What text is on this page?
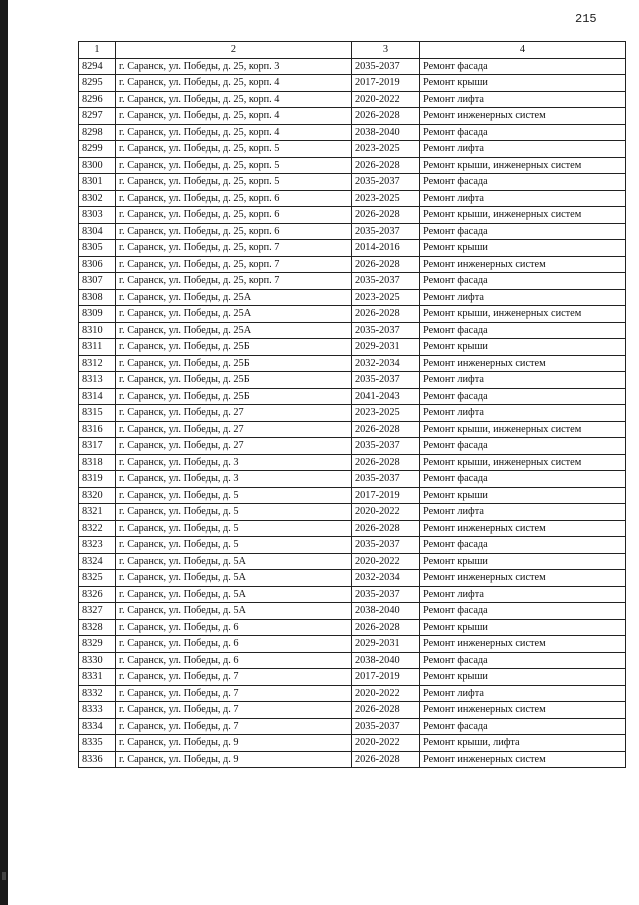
215
1	2	3	4
8294	г. Саранск, ул. Победы, д. 25, корп. 3	2035-2037	Ремонт фасада
8295	г. Саранск, ул. Победы, д. 25, корп. 4	2017-2019	Ремонт крыши
8296	г. Саранск, ул. Победы, д. 25, корп. 4	2020-2022	Ремонт лифта
8297	г. Саранск, ул. Победы, д. 25, корп. 4	2026-2028	Ремонт инженерных систем
8298	г. Саранск, ул. Победы, д. 25, корп. 4	2038-2040	Ремонт фасада
8299	г. Саранск, ул. Победы, д. 25, корп. 5	2023-2025	Ремонт лифта
8300	г. Саранск, ул. Победы, д. 25, корп. 5	2026-2028	Ремонт крыши, инженерных систем
8301	г. Саранск, ул. Победы, д. 25, корп. 5	2035-2037	Ремонт фасада
8302	г. Саранск, ул. Победы, д. 25, корп. 6	2023-2025	Ремонт лифта
8303	г. Саранск, ул. Победы, д. 25, корп. 6	2026-2028	Ремонт крыши, инженерных систем
8304	г. Саранск, ул. Победы, д. 25, корп. 6	2035-2037	Ремонт фасада
8305	г. Саранск, ул. Победы, д. 25, корп. 7	2014-2016	Ремонт крыши
8306	г. Саранск, ул. Победы, д. 25, корп. 7	2026-2028	Ремонт инженерных систем
8307	г. Саранск, ул. Победы, д. 25, корп. 7	2035-2037	Ремонт фасада
8308	г. Саранск, ул. Победы, д. 25А	2023-2025	Ремонт лифта
8309	г. Саранск, ул. Победы, д. 25А	2026-2028	Ремонт крыши, инженерных систем
8310	г. Саранск, ул. Победы, д. 25А	2035-2037	Ремонт фасада
8311	г. Саранск, ул. Победы, д. 25Б	2029-2031	Ремонт крыши
8312	г. Саранск, ул. Победы, д. 25Б	2032-2034	Ремонт инженерных систем
8313	г. Саранск, ул. Победы, д. 25Б	2035-2037	Ремонт лифта
8314	г. Саранск, ул. Победы, д. 25Б	2041-2043	Ремонт фасада
8315	г. Саранск, ул. Победы, д. 27	2023-2025	Ремонт лифта
8316	г. Саранск, ул. Победы, д. 27	2026-2028	Ремонт крыши, инженерных систем
8317	г. Саранск, ул. Победы, д. 27	2035-2037	Ремонт фасада
8318	г. Саранск, ул. Победы, д. 3	2026-2028	Ремонт крыши, инженерных систем
8319	г. Саранск, ул. Победы, д. 3	2035-2037	Ремонт фасада
8320	г. Саранск, ул. Победы, д. 5	2017-2019	Ремонт крыши
8321	г. Саранск, ул. Победы, д. 5	2020-2022	Ремонт лифта
8322	г. Саранск, ул. Победы, д. 5	2026-2028	Ремонт инженерных систем
8323	г. Саранск, ул. Победы, д. 5	2035-2037	Ремонт фасада
8324	г. Саранск, ул. Победы, д. 5А	2020-2022	Ремонт крыши
8325	г. Саранск, ул. Победы, д. 5А	2032-2034	Ремонт инженерных систем
8326	г. Саранск, ул. Победы, д. 5А	2035-2037	Ремонт лифта
8327	г. Саранск, ул. Победы, д. 5А	2038-2040	Ремонт фасада
8328	г. Саранск, ул. Победы, д. 6	2026-2028	Ремонт крыши
8329	г. Саранск, ул. Победы, д. 6	2029-2031	Ремонт инженерных систем
8330	г. Саранск, ул. Победы, д. 6	2038-2040	Ремонт фасада
8331	г. Саранск, ул. Победы, д. 7	2017-2019	Ремонт крыши
8332	г. Саранск, ул. Победы, д. 7	2020-2022	Ремонт лифта
8333	г. Саранск, ул. Победы, д. 7	2026-2028	Ремонт инженерных систем
8334	г. Саранск, ул. Победы, д. 7	2035-2037	Ремонт фасада
8335	г. Саранск, ул. Победы, д. 9	2020-2022	Ремонт крыши, лифта
8336	г. Саранск, ул. Победы, д. 9	2026-2028	Ремонт инженерных систем
